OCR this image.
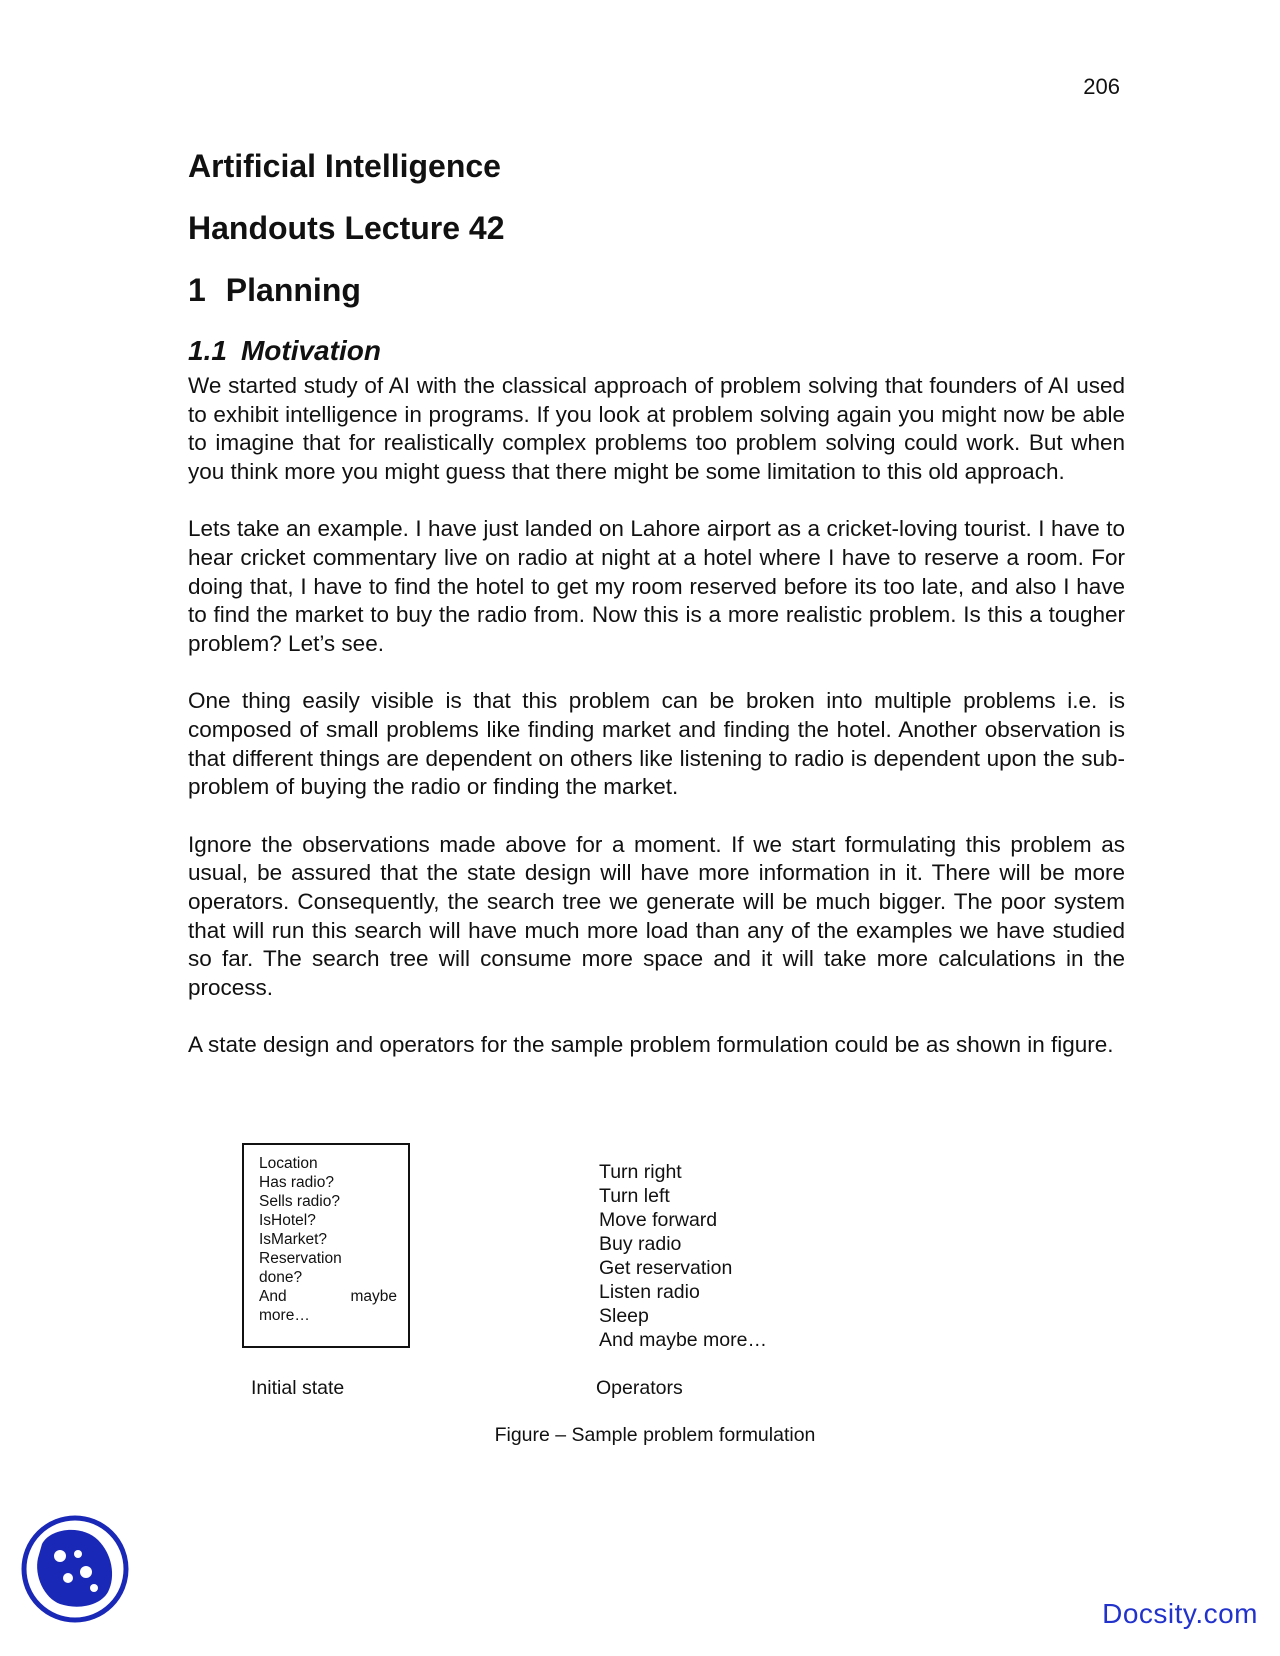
206
Artificial Intelligence
Handouts Lecture 42
1 Planning
1.1 Motivation

We started study of AI with the classical approach of problem solving that founders of AI used to exhibit intelligence in programs. If you look at problem solving again you might now be able to imagine that for realistically complex problems too problem solving could work. But when you think more you might guess that there might be some limitation to this old approach.

Lets take an example. I have just landed on Lahore airport as a cricket-loving tourist. I have to hear cricket commentary live on radio at night at a hotel where I have to reserve a room. For doing that, I have to find the hotel to get my room reserved before its too late, and also I have to find the market to buy the radio from. Now this is a more realistic problem. Is this a tougher problem? Let’s see.

One thing easily visible is that this problem can be broken into multiple problems i.e. is composed of small problems like finding market and finding the hotel. Another observation is that different things are dependent on others like listening to radio is dependent upon the sub-problem of buying the radio or finding the market.

Ignore the observations made above for a moment. If we start formulating this problem as usual, be assured that the state design will have more information in it. There will be more operators. Consequently, the search tree we generate will be much bigger. The poor system that will run this search will have much more load than any of the examples we have studied so far. The search tree will consume more space and it will take more calculations in the process.

A state design and operators for the sample problem formulation could be as shown in figure.

Location
Has radio?
Sells radio?
IsHotel?
IsMarket?
Reservation
done?
And	maybe
more…
Turn right
Turn left
Move forward
Buy radio
Get reservation
Listen radio
Sleep
And maybe more…
Initial state	Operators
Figure – Sample problem formulation
Docsity.com
